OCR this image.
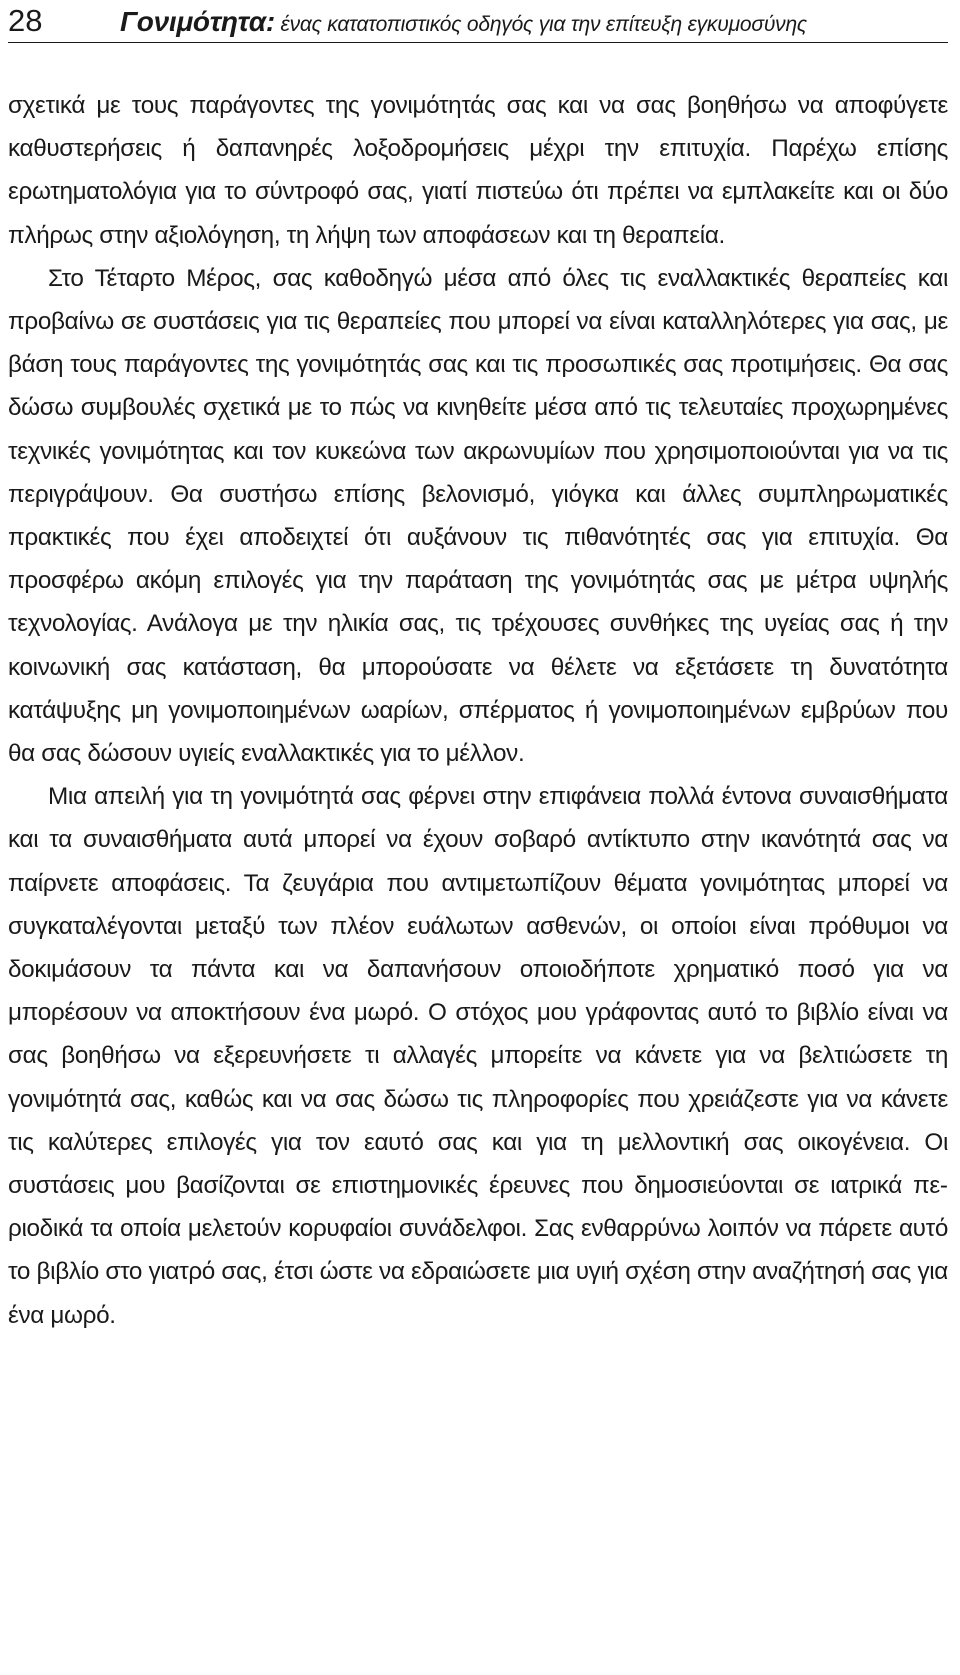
28	Γονιμότητα: ένας κατατοπιστικός οδηγός για την επίτευξη εγκυμοσύνης

σχετικά με τους παράγοντες της γονιμότητάς σας και να σας βοηθήσω να αποφύγετε καθυστερήσεις ή δαπανηρές λοξοδρομήσεις μέχρι την επιτυχία. Παρέχω επίσης ερωτηματολόγια για το σύντροφό σας, γιατί πιστεύω ότι πρέπει να εμπλακείτε και οι δύο πλήρως στην αξιολόγηση, τη λήψη των αποφάσεων και τη θεραπεία.

Στο Τέταρτο Μέρος, σας καθοδηγώ μέσα από όλες τις εναλλακτικές θεραπείες και προβαίνω σε συστάσεις για τις θεραπείες που μπορεί να είναι καταλληλότερες για σας, με βάση τους παράγοντες της γονιμότητάς σας και τις προσωπικές σας προτιμήσεις. Θα σας δώσω συμβουλές σχετικά με το πώς να κινηθείτε μέσα από τις τελευταίες προχωρημένες τεχνικές γονιμότητας και τον κυκεώνα των ακρωνυμίων που χρησιμοποιούνται για να τις περιγράψουν. Θα συστήσω επίσης βελονισμό, γιόγκα και άλλες συμπληρωματικές πρακτικές που έχει αποδειχτεί ότι αυξάνουν τις πιθανότητές σας για επιτυχία. Θα προσφέρω ακόμη επιλογές για την παράταση της γονιμότητάς σας με μέτρα υψηλής τεχνολογίας. Ανάλογα με την ηλικία σας, τις τρέχουσες συνθήκες της υγείας σας ή την κοινωνική σας κατάσταση, θα μπορούσατε να θέλετε να εξετάσετε τη δυνατότητα κατάψυξης μη γονιμοποιημένων ωαρίων, σπέρματος ή γονιμοποιημένων εμβρύων που θα σας δώσουν υγιείς εναλλακτικές για το μέλλον.

Μια απειλή για τη γονιμότητά σας φέρνει στην επιφάνεια πολλά έντονα συναισθήματα και τα συναισθήματα αυτά μπορεί να έχουν σοβαρό αντίκτυπο στην ικανότητά σας να παίρνετε αποφάσεις. Τα ζευγάρια που αντιμετωπίζουν θέματα γονιμότητας μπορεί να συγκαταλέγονται μεταξύ των πλέον ευάλωτων ασθενών, οι οποίοι είναι πρόθυμοι να δοκιμάσουν τα πάντα και να δαπανήσουν οποιοδήποτε χρηματικό ποσό για να μπορέσουν να αποκτήσουν ένα μωρό. Ο στόχος μου γράφοντας αυτό το βιβλίο είναι να σας βοηθήσω να εξερευνήσετε τι αλλαγές μπορείτε να κάνετε για να βελτιώσετε τη γονιμότητά σας, καθώς και να σας δώσω τις πληροφορίες που χρειάζεστε για να κάνετε τις καλύτερες επιλογές για τον εαυτό σας και για τη μελλοντική σας οικογένεια. Οι συστάσεις μου βασίζονται σε επιστημονικές έρευνες που δημοσιεύονται σε ιατρικά περιοδικά τα οποία μελετούν κορυφαίοι συνάδελφοι. Σας ενθαρρύνω λοιπόν να πάρετε αυτό το βιβλίο στο γιατρό σας, έτσι ώστε να εδραιώσετε μια υγιή σχέση στην αναζήτησή σας για ένα μωρό.
